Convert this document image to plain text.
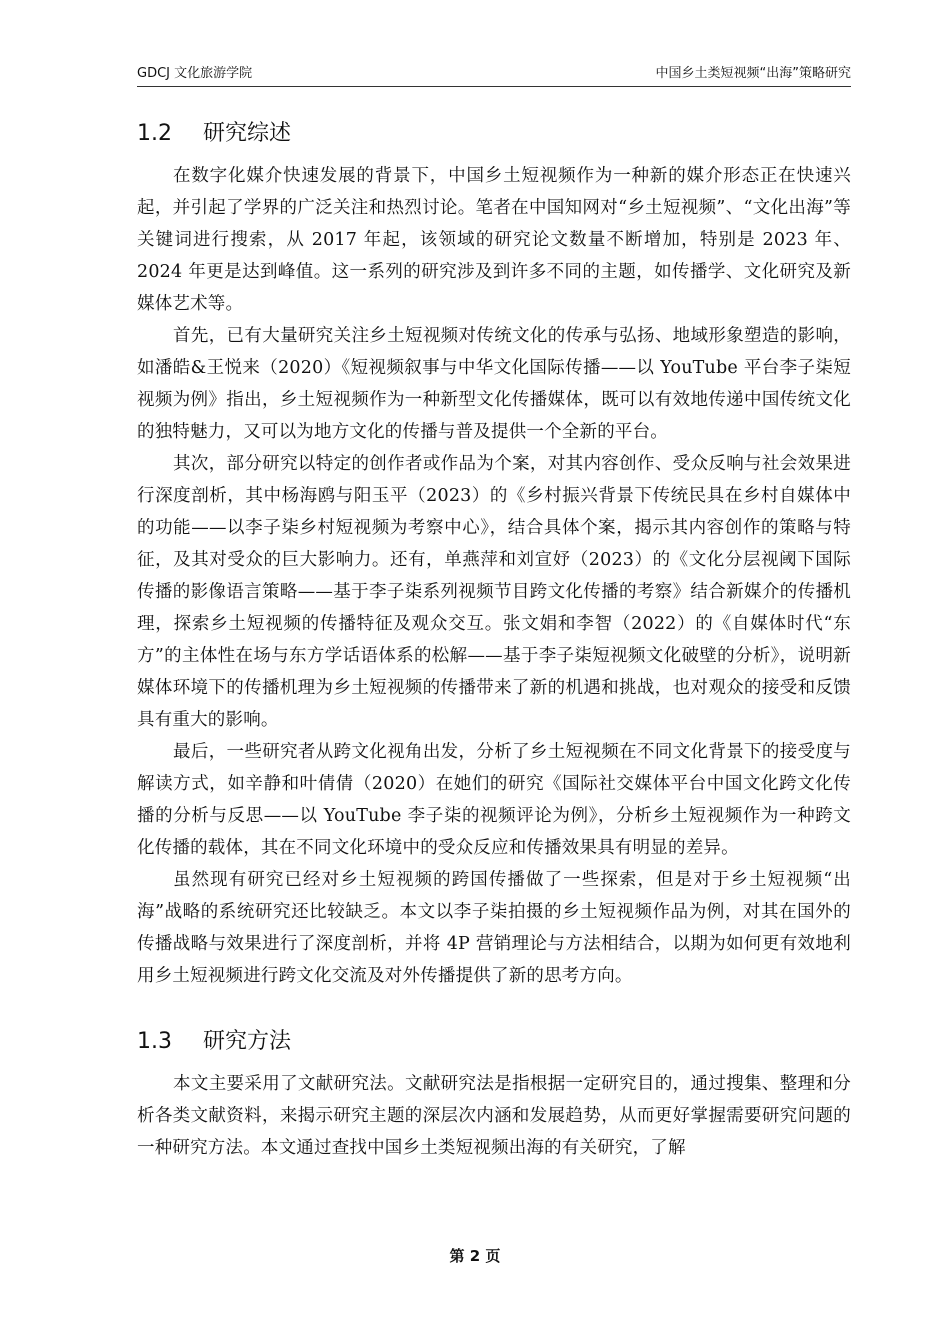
GDCJ 文化旅游学院	中国乡土类短视频“出海”策略研究
1.2 研究综述

在数字化媒介快速发展的背景下，中国乡土短视频作为一种新的媒介形态正在快速兴起，并引起了学界的广泛关注和热烈讨论。笔者在中国知网对“乡土短视频”、“文化出海”等关键词进行搜索，从 2017 年起，该领域的研究论文数量不断增加，特别是 2023 年、2024 年更是达到峰值。这一系列的研究涉及到许多不同的主题，如传播学、文化研究及新媒体艺术等。

首先，已有大量研究关注乡土短视频对传统文化的传承与弘扬、地域形象塑造的影响，如潘皓&王悦来（2020）《短视频叙事与中华文化国际传播——以 YouTube 平台李子柒短视频为例》指出，乡土短视频作为一种新型文化传播媒体，既可以有效地传递中国传统文化的独特魅力，又可以为地方文化的传播与普及提供一个全新的平台。

其次，部分研究以特定的创作者或作品为个案，对其内容创作、受众反响与社会效果进行深度剖析，其中杨海鸥与阳玉平（2023）的《乡村振兴背景下传统民具在乡村自媒体中的功能——以李子柒乡村短视频为考察中心》，结合具体个案，揭示其内容创作的策略与特征，及其对受众的巨大影响力。还有，单燕萍和刘宣妤（2023）的《文化分层视阈下国际传播的影像语言策略——基于李子柒系列视频节目跨文化传播的考察》结合新媒介的传播机理，探索乡土短视频的传播特征及观众交互。张文娟和李智（2022）的《自媒体时代“东方”的主体性在场与东方学话语体系的松解——基于李子柒短视频文化破壁的分析》，说明新媒体环境下的传播机理为乡土短视频的传播带来了新的机遇和挑战，也对观众的接受和反馈具有重大的影响。

最后，一些研究者从跨文化视角出发，分析了乡土短视频在不同文化背景下的接受度与解读方式，如辛静和叶倩倩（2020）在她们的研究《国际社交媒体平台中国文化跨文化传播的分析与反思——以 YouTube 李子柒的视频评论为例》，分析乡土短视频作为一种跨文化传播的载体，其在不同文化环境中的受众反应和传播效果具有明显的差异。

虽然现有研究已经对乡土短视频的跨国传播做了一些探索，但是对于乡土短视频“出海”战略的系统研究还比较缺乏。本文以李子柒拍摄的乡土短视频作品为例，对其在国外的传播战略与效果进行了深度剖析，并将 4P 营销理论与方法相结合，以期为如何更有效地利用乡土短视频进行跨文化交流及对外传播提供了新的思考方向。

1.3 研究方法

本文主要采用了文献研究法。文献研究法是指根据一定研究目的，通过搜集、整理和分析各类文献资料，来揭示研究主题的深层次内涵和发展趋势，从而更好掌握需要研究问题的一种研究方法。本文通过查找中国乡土类短视频出海的有关研究，了解

第 2 页
